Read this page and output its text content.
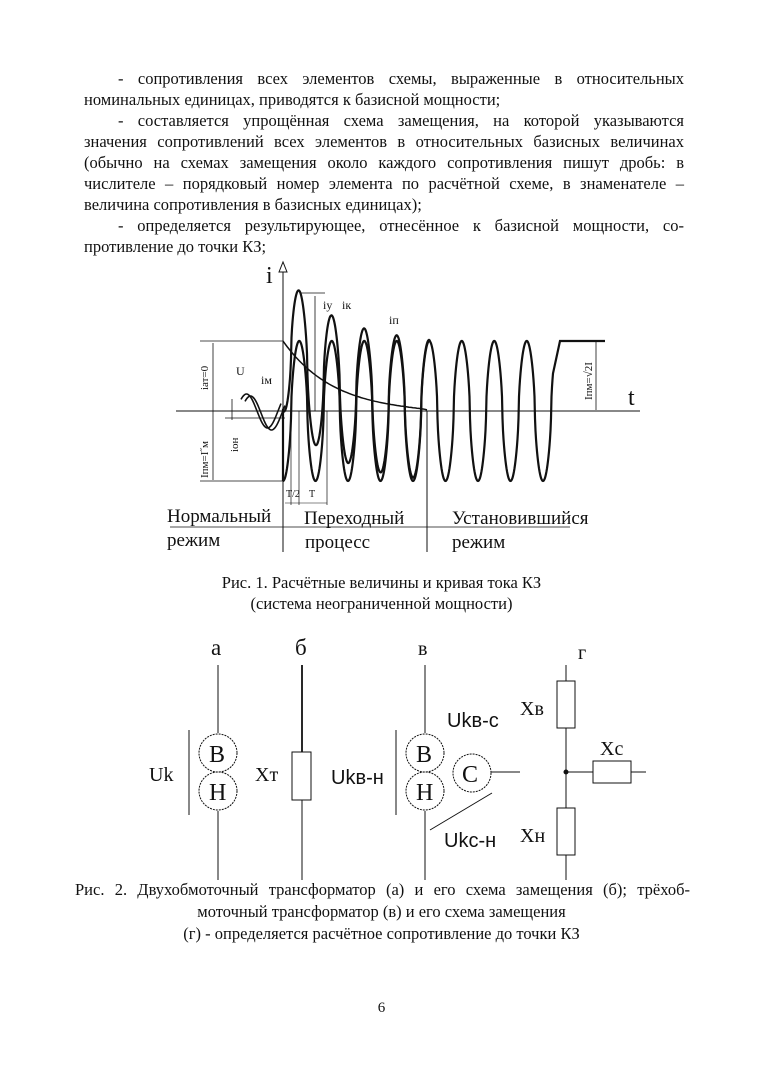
- сопротивления всех элементов схемы, выраженные в относительных
номинальных единицах, приводятся к базисной мощности;
- составляется упрощённая схема замещения, на которой указываются
значения сопротивлений всех элементов в относительных базисных величинах
(обычно на схемах замещения около каждого сопротивления пишут дробь: в
числителе – порядковый номер элемента по расчётной схеме, в знаменателе –
величина сопротивления в базисных единицах);
- определяется результирующее, отнесённое к базисной мощности, со-
противление до точки КЗ;
i
t
iу iк
iп
U
iм
iат=0
Iпм=I˝м iон
Iпм=√2I
T/2 T
Нормальный
режим
Переходный
процесс
Установившийся
режим
а	б	в	г
Uk
В
Н
Хт	Ukв-н
В
Н
С
Ukв-с
Ukс-н
Хв
Хс
Хн
Рис. 1. Расчётные величины и кривая тока КЗ
(система неограниченной мощности)
Рис. 2. Двухобмоточный трансформатор (а) и его схема замещения (б); трёхоб-
моточный трансформатор (в) и его схема замещения
(г) - определяется расчётное сопротивление до точки КЗ
6
